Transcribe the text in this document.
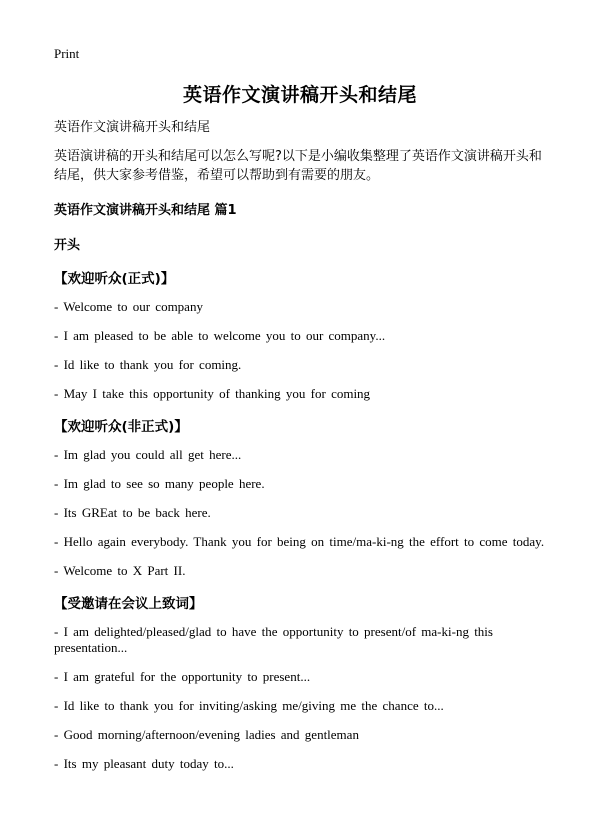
Print
英语作文演讲稿开头和结尾

英语作文演讲稿开头和结尾

英语演讲稿的开头和结尾可以怎么写呢?以下是小编收集整理了英语作文演讲稿开头和结尾，供大家参考借鉴，希望可以帮助到有需要的朋友。

英语作文演讲稿开头和结尾 篇1

开头

【欢迎听众(正式)】

- Welcome to our company

- I am pleased to be able to welcome you to our company...

- Id like to thank you for coming.

- May I take this opportunity of thanking you for coming

【欢迎听众(非正式)】

- Im glad you could all get here...

- Im glad to see so many people here.

- Its GREat to be back here.

- Hello again everybody. Thank you for being on time/ma-ki-ng the effort to come today.

- Welcome to X Part II.

【受邀请在会议上致词】

- I am delighted/pleased/glad to have the opportunity to present/of ma-ki-ng this presentation...

- I am grateful for the opportunity to present...

- Id like to thank you for inviting/asking me/giving me the chance to...

- Good morning/afternoon/evening ladies and gentleman

- Its my pleasant duty today to...
